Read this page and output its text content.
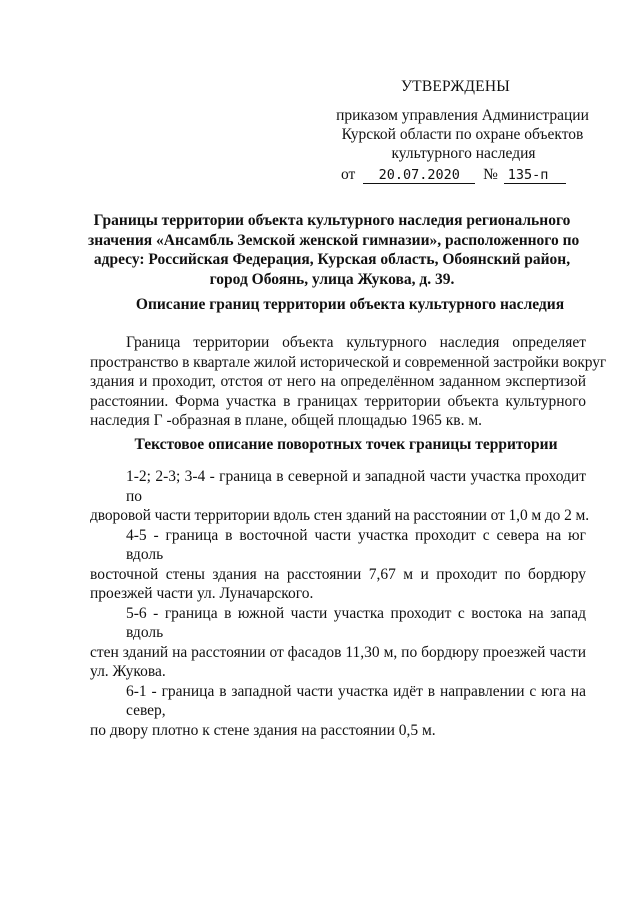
УТВЕРЖДЕНЫ
приказом управления Администрации
Курской области по охране объектов
культурного наследия
от 20.07.2020 № 135-п
Границы территории объекта культурного наследия регионального
значения «Ансамбль Земской женской гимназии», расположенного по
адресу: Российская Федерация, Курская область, Обоянский район,
город Обоянь, улица Жукова, д. 39.
Описание границ территории объекта культурного наследия
Граница территории объекта культурного наследия определяет
пространство в квартале жилой исторической и современной застройки вокруг
здания и проходит, отстоя от него на определённом заданном экспертизой
расстоянии. Форма участка в границах территории объекта культурного
наследия Г -образная в плане, общей площадью 1965 кв. м.
Текстовое описание поворотных точек границы территории
1-2; 2-3; 3-4 - граница в северной и западной части участка проходит по
дворовой части территории вдоль стен зданий на расстоянии от 1,0 м до 2 м.
4-5 - граница в восточной части участка проходит с севера на юг вдоль
восточной стены здания на расстоянии 7,67 м и проходит по бордюру
проезжей части ул. Луначарского.
5-6 - граница в южной части участка проходит с востока на запад вдоль
стен зданий на расстоянии от фасадов 11,30 м, по бордюру проезжей части
ул. Жукова.
6-1 - граница в западной части участка идёт в направлении с юга на север,
по двору плотно к стене здания на расстоянии 0,5 м.
